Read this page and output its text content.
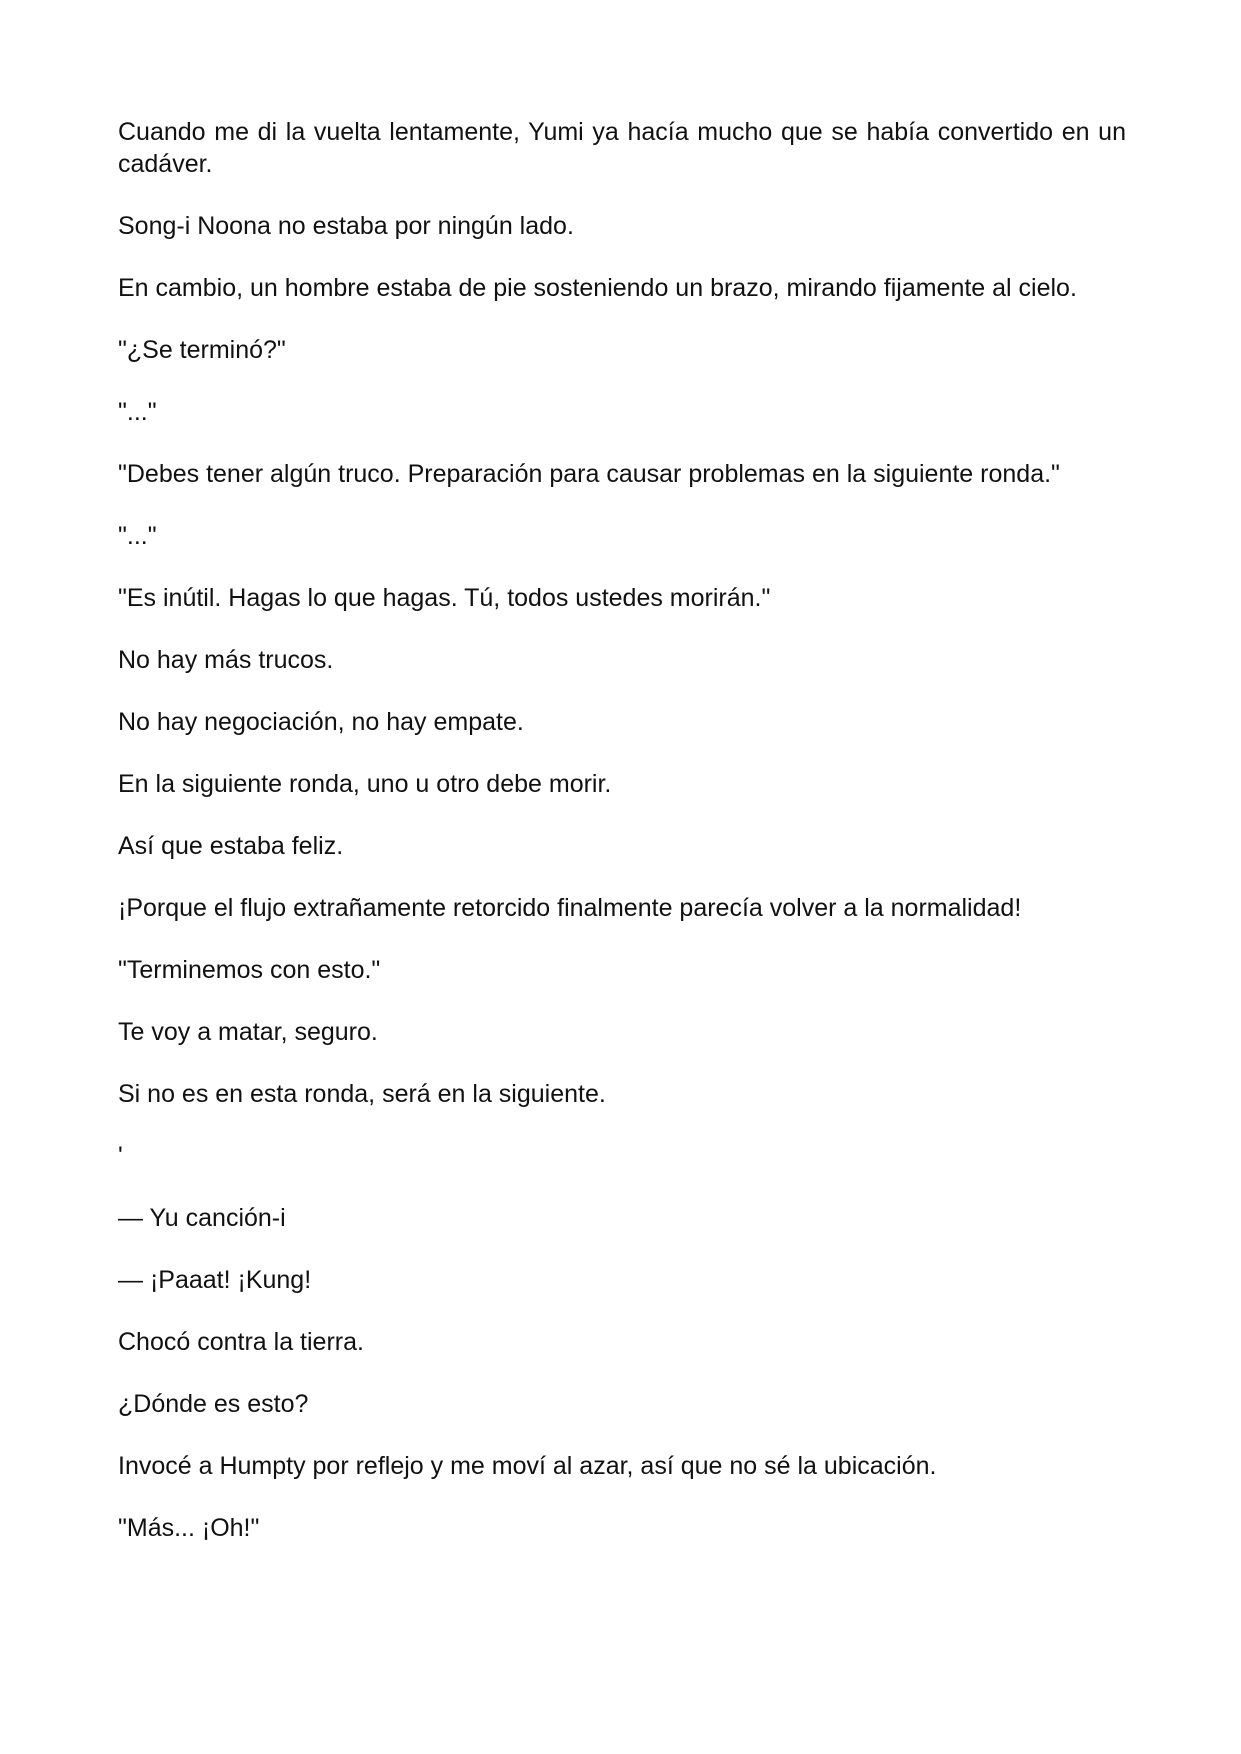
Cuando me di la vuelta lentamente, Yumi ya hacía mucho que se había convertido en un cadáver.

Song-i Noona no estaba por ningún lado.

En cambio, un hombre estaba de pie sosteniendo un brazo, mirando fijamente al cielo.

"¿Se terminó?"

"..."

"Debes tener algún truco. Preparación para causar problemas en la siguiente ronda."

"..."

"Es inútil. Hagas lo que hagas. Tú, todos ustedes morirán."

No hay más trucos.

No hay negociación, no hay empate.

En la siguiente ronda, uno u otro debe morir.

Así que estaba feliz.

¡Porque el flujo extrañamente retorcido finalmente parecía volver a la normalidad!

"Terminemos con esto."

Te voy a matar, seguro.

Si no es en esta ronda, será en la siguiente.

'

— Yu canción-i

— ¡Paaat! ¡Kung!

Chocó contra la tierra.

¿Dónde es esto?

Invocé a Humpty por reflejo y me moví al azar, así que no sé la ubicación.

"Más... ¡Oh!"
